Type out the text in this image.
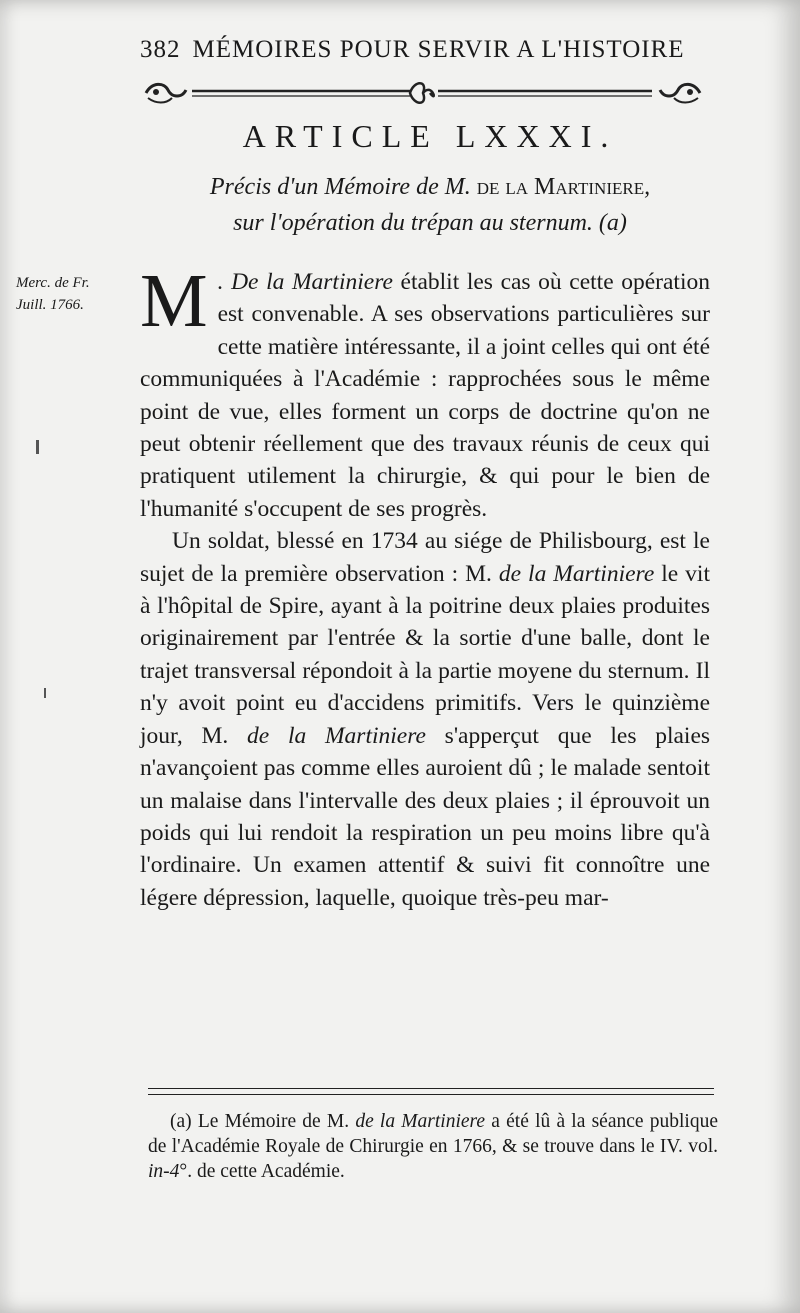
382 MÉMOIRES POUR SERVIR A L'HISTOIRE
ARTICLE LXXXI.
Précis d'un Mémoire de M. de la Martiniere,
sur l'opération du trépan au sternum. (a)
Merc. de Fr.
Juill. 1766. M . De la Martiniere établit les cas où cette opération est convenable. A ses observations particulières sur cette matière intéressante, il a joint celles qui ont été communiquées à l'Académie : rapprochées sous le même point de vue, elles forment un corps de doctrine qu'on ne peut obtenir réellement que des travaux réunis de ceux qui pratiquent utilement la chirurgie, & qui pour le bien de l'humanité s'occupent de ses progrès.

Un soldat, blessé en 1734 au siége de Philisbourg, est le sujet de la première observation : M. de la Martiniere le vit à l'hôpital de Spire, ayant à la poitrine deux plaies produites originairement par l'entrée & la sortie d'une balle, dont le trajet transversal répondoit à la partie moyene du sternum. Il n'y avoit point eu d'accidens primitifs. Vers le quinzième jour, M. de la Martiniere s'apperçut que les plaies n'avançoient pas comme elles auroient dû ; le malade sentoit un malaise dans l'intervalle des deux plaies ; il éprouvoit un poids qui lui rendoit la respiration un peu moins libre qu'à l'ordinaire. Un examen attentif & suivi fit connoître une légere dépression, laquelle, quoique très-peu mar-

(a) Le Mémoire de M. de la Martiniere a été lû à la séance publique de l'Académie Royale de Chirurgie en 1766, & se trouve dans le IV. vol. in-4°. de cette Académie.
